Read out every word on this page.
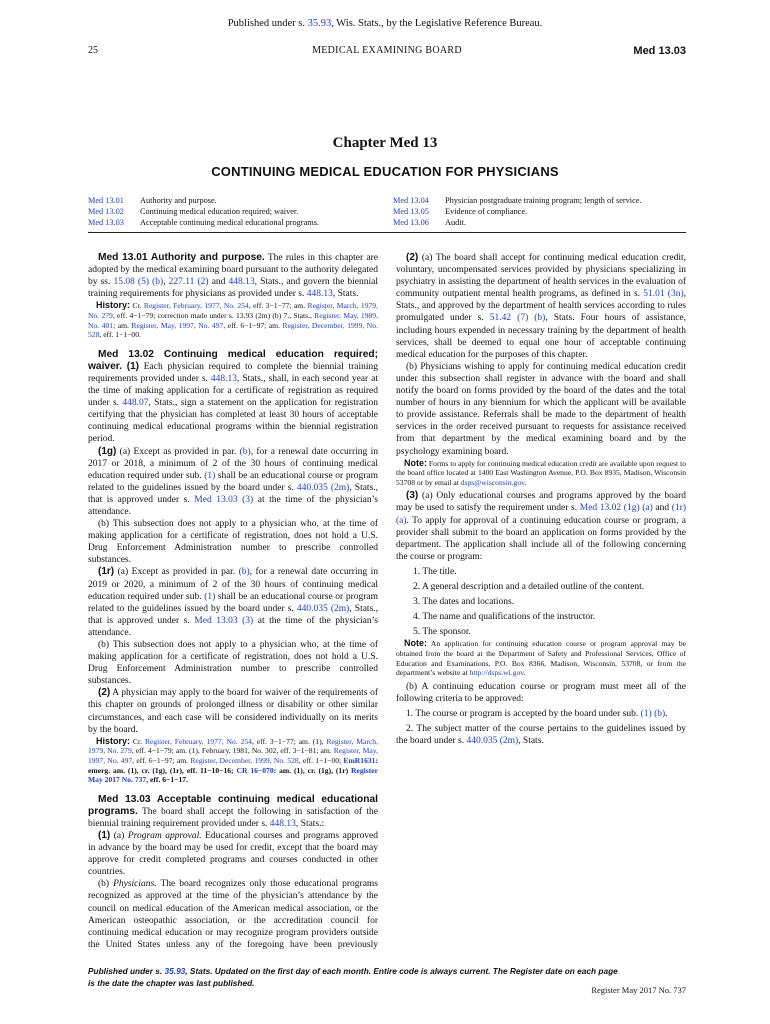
Published under s. 35.93, Wis. Stats., by the Legislative Reference Bureau.
25	MEDICAL EXAMINING BOARD	Med 13.03
Chapter Med 13
CONTINUING MEDICAL EDUCATION FOR PHYSICIANS
Med 13.01 Authority and purpose.
Med 13.02 Continuing medical education required; waiver.
Med 13.03 Acceptable continuing medical educational programs.
Med 13.04 Physician postgraduate training program; length of service.
Med 13.05 Evidence of compliance.
Med 13.06 Audit.

Med 13.01 Authority and purpose. The rules in this chapter are adopted by the medical examining board pursuant to the authority delegated by ss. 15.08 (5) (b), 227.11 (2) and 448.13, Stats., and govern the biennial training requirements for physicians as provided under s. 448.13, Stats.

History: Cr. Register, February, 1977, No. 254, eff. 3−1−77; am. Register, March, 1979, No. 279, eff. 4−1−79; correction made under s. 13.93 (2m) (b) 7., Stats., Register, May, 1989, No. 401; am. Register, May, 1997, No. 497, eff. 6−1−97; am. Register, December, 1999, No. 528, eff. 1−1−00.

Med 13.02 Continuing medical education required; waiver. (1) Each physician required to complete the biennial training requirements provided under s. 448.13, Stats., shall, in each second year at the time of making application for a certificate of registration as required under s. 448.07, Stats., sign a statement on the application for registration certifying that the physician has completed at least 30 hours of acceptable continuing medical educational programs within the biennial registration period.

(1g) (a) Except as provided in par. (b), for a renewal date occurring in 2017 or 2018, a minimum of 2 of the 30 hours of continuing medical education required under sub. (1) shall be an educational course or program related to the guidelines issued by the board under s. 440.035 (2m), Stats., that is approved under s. Med 13.03 (3) at the time of the physician’s attendance.

(b) This subsection does not apply to a physician who, at the time of making application for a certificate of registration, does not hold a U.S. Drug Enforcement Administration number to prescribe controlled substances.

(1r) (a) Except as provided in par. (b), for a renewal date occurring in 2019 or 2020, a minimum of 2 of the 30 hours of continuing medical education required under sub. (1) shall be an educational course or program related to the guidelines issued by the board under s. 440.035 (2m), Stats., that is approved under s. Med 13.03 (3) at the time of the physician’s attendance.

(b) This subsection does not apply to a physician who, at the time of making application for a certificate of registration, does not hold a U.S. Drug Enforcement Administration number to prescribe controlled substances.

(2) A physician may apply to the board for waiver of the requirements of this chapter on grounds of prolonged illness or disability or other similar circumstances, and each case will be considered individually on its merits by the board.

History: Cr. Register, February, 1977, No. 254, eff. 3−1−77; am. (1), Register, March, 1979, No. 279, eff. 4−1−79; am. (1), February, 1981, No. 302, eff. 3−1−81; am. Register, May, 1997, No. 497, eff. 6−1−97; am. Register, December, 1999, No. 528, eff. 1−1−00; EmR1631: emerg. am. (1), cr. (1g), (1r), eff. 11−10−16; CR 16−070: am. (1), cr. (1g), (1r) Register May 2017 No. 737, eff. 6−1−17.

Med 13.03 Acceptable continuing medical educational programs. The board shall accept the following in satisfaction of the biennial training requirement provided under s. 448.13, Stats.:

(1) (a) Program approval. Educational courses and programs approved in advance by the board may be used for credit, except that the board may approve for credit completed programs and courses conducted in other countries.

(b) Physicians. The board recognizes only those educational programs recognized as approved at the time of the physician’s attendance by the council on medical education of the American medical association, or the American osteopathic association, or the accreditation council for continuing medical education or may recognize program providers outside the United States unless any of the foregoing have been previously

(2) (a) The board shall accept for continuing medical education credit, voluntary, uncompensated services provided by physicians specializing in psychiatry in assisting the department of health services in the evaluation of community outpatient mental health programs, as defined in s. 51.01 (3n), Stats., and approved by the department of health services according to rules promulgated under s. 51.42 (7) (b), Stats. Four hours of assistance, including hours expended in necessary training by the department of health services, shall be deemed to equal one hour of acceptable continuing medical education for the purposes of this chapter.

(b) Physicians wishing to apply for continuing medical education credit under this subsection shall register in advance with the board and shall notify the board on forms provided by the board of the dates and the total number of hours in any biennium for which the applicant will be available to provide assistance. Referrals shall be made to the department of health services in the order received pursuant to requests for assistance received from that department by the medical examining board and by the psychology examining board.

Note: Forms to apply for continuing medical education credit are available upon request to the board office located at 1400 East Washington Avenue, P.O. Box 8935, Madison, Wisconsin 53708 or by email at dsps@wisconsin.gov.

(3) (a) Only educational courses and programs approved by the board may be used to satisfy the requirement under s. Med 13.02 (1g) (a) and (1r) (a). To apply for approval of a continuing education course or program, a provider shall submit to the board an application on forms provided by the department. The application shall include all of the following concerning the course or program:

1. The title.

2. A general description and a detailed outline of the content.

3. The dates and locations.

4. The name and qualifications of the instructor.

5. The sponsor.

Note: An application for continuing education course or program approval may be obtained from the board at the Department of Safety and Professional Services, Office of Education and Examinations, P.O. Box 8366, Madison, Wisconsin, 53708, or from the department’s website at http://dsps.wi.gov.

(b) A continuing education course or program must meet all of the following criteria to be approved:

1. The course or program is accepted by the board under sub. (1) (b).

2. The subject matter of the course pertains to the guidelines issued by the board under s. 440.035 (2m), Stats.

Published under s. 35.93, Stats. Updated on the first day of each month. Entire code is always current. The Register date on each page
is the date the chapter was last published.
Register May 2017 No. 737
